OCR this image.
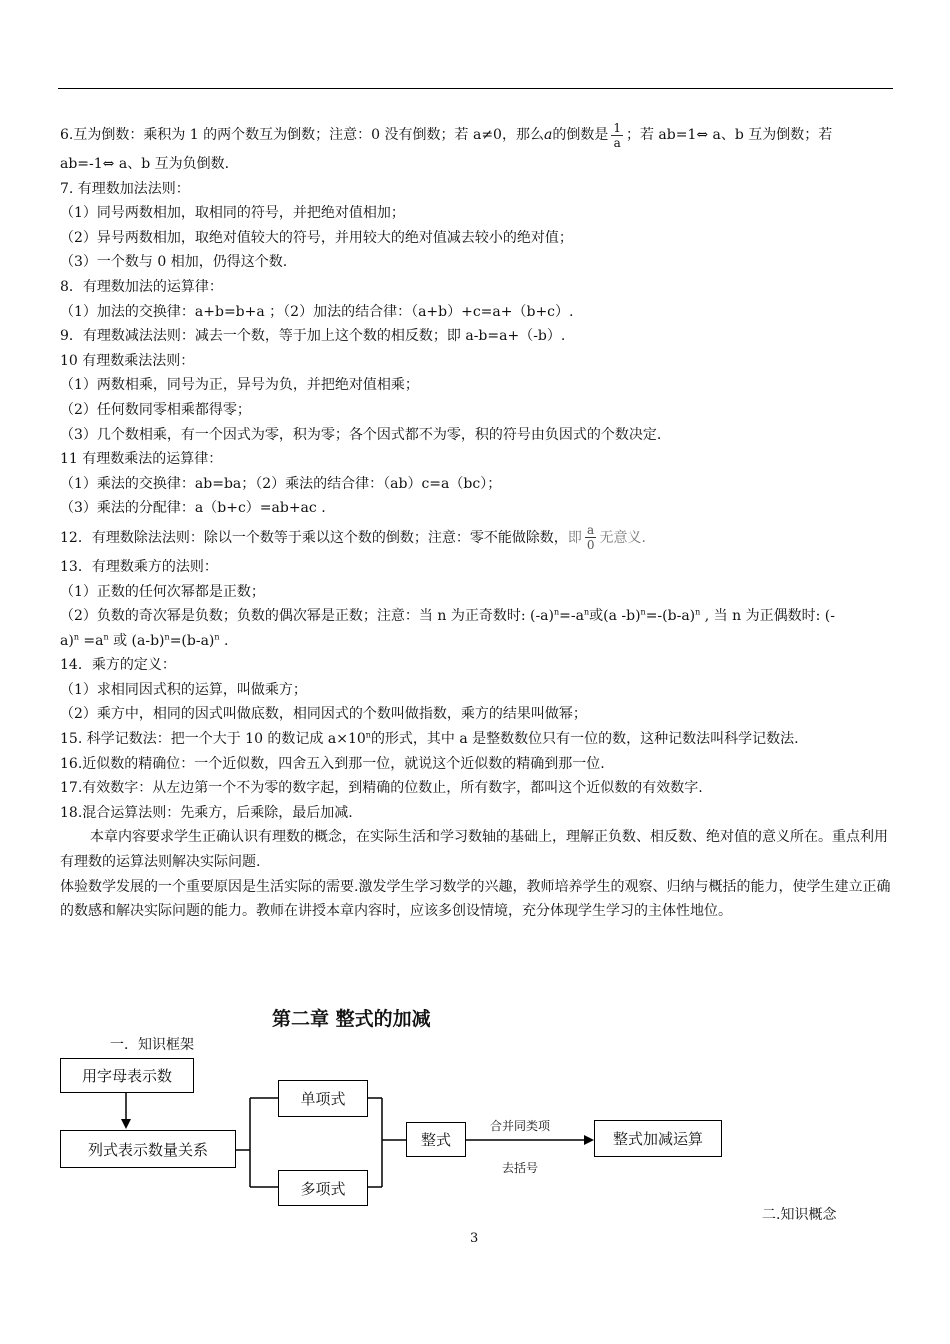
6.互为倒数：乘积为 1 的两个数互为倒数；注意：0 没有倒数；若 a≠0，那么a的倒数是 $\frac{1}{a}$ ；若 ab=1⇔ a、b 互为倒数；若
ab=-1⇔ a、b 互为负倒数.
7. 有理数加法法则：
（1）同号两数相加，取相同的符号，并把绝对值相加；
（2）异号两数相加，取绝对值较大的符号，并用较大的绝对值减去较小的绝对值；
（3）一个数与 0 相加，仍得这个数.
8．有理数加法的运算律：
（1）加法的交换律：a+b=b+a ；（2）加法的结合律：（a+b）+c=a+（b+c）.
9．有理数减法法则：减去一个数，等于加上这个数的相反数；即 a-b=a+（-b）.
10 有理数乘法法则：
（1）两数相乘，同号为正，异号为负，并把绝对值相乘；
（2）任何数同零相乘都得零；
（3）几个数相乘，有一个因式为零，积为零；各个因式都不为零，积的符号由负因式的个数决定.
11 有理数乘法的运算律：
（1）乘法的交换律：ab=ba；（2）乘法的结合律：（ab）c=a（bc）；
（3）乘法的分配律：a（b+c）=ab+ac .
12．有理数除法法则：除以一个数等于乘以这个数的倒数；注意：零不能做除数，即 $\frac{a}{0}$ 无意义.
13．有理数乘方的法则：
（1）正数的任何次幂都是正数；
（2）负数的奇次幂是负数；负数的偶次幂是正数；注意：当 n 为正奇数时: $(-a)^n=-a^n$或(a $-b)^n=-(b-a)^n$ , 当 n 为正偶数时: (-
$a)^n =a^n$ 或 $(a-b)^n=(b-a)^n$ .
14．乘方的定义：
（1）求相同因式积的运算，叫做乘方；
（2）乘方中，相同的因式叫做底数，相同因式的个数叫做指数，乘方的结果叫做幂；
15. 科学记数法：把一个大于 10 的数记成 $a\times 10^n$的形式，其中 a 是整数数位只有一位的数，这种记数法叫科学记数法.
16.近似数的精确位：一个近似数，四舍五入到那一位，就说这个近似数的精确到那一位.
17.有效数字：从左边第一个不为零的数字起，到精确的位数止，所有数字，都叫这个近似数的有效数字.
18.混合运算法则：先乘方，后乘除，最后加减.
本章内容要求学生正确认识有理数的概念，在实际生活和学习数轴的基础上，理解正负数、相反数、绝对值的意义所在。重点利用有理数的运算法则解决实际问题.
体验数学发展的一个重要原因是生活实际的需要.激发学生学习数学的兴趣，教师培养学生的观察、归纳与概括的能力，使学生建立正确的数感和解决实际问题的能力。教师在讲授本章内容时，应该多创设情境，充分体现学生学习的主体性地位。
第二章 整式的加减
一．知识框架
用字母表示数
列式表示数量关系
单项式
多项式
整式	整式加减运算
合并同类项
去括号
二.知识概念
3
